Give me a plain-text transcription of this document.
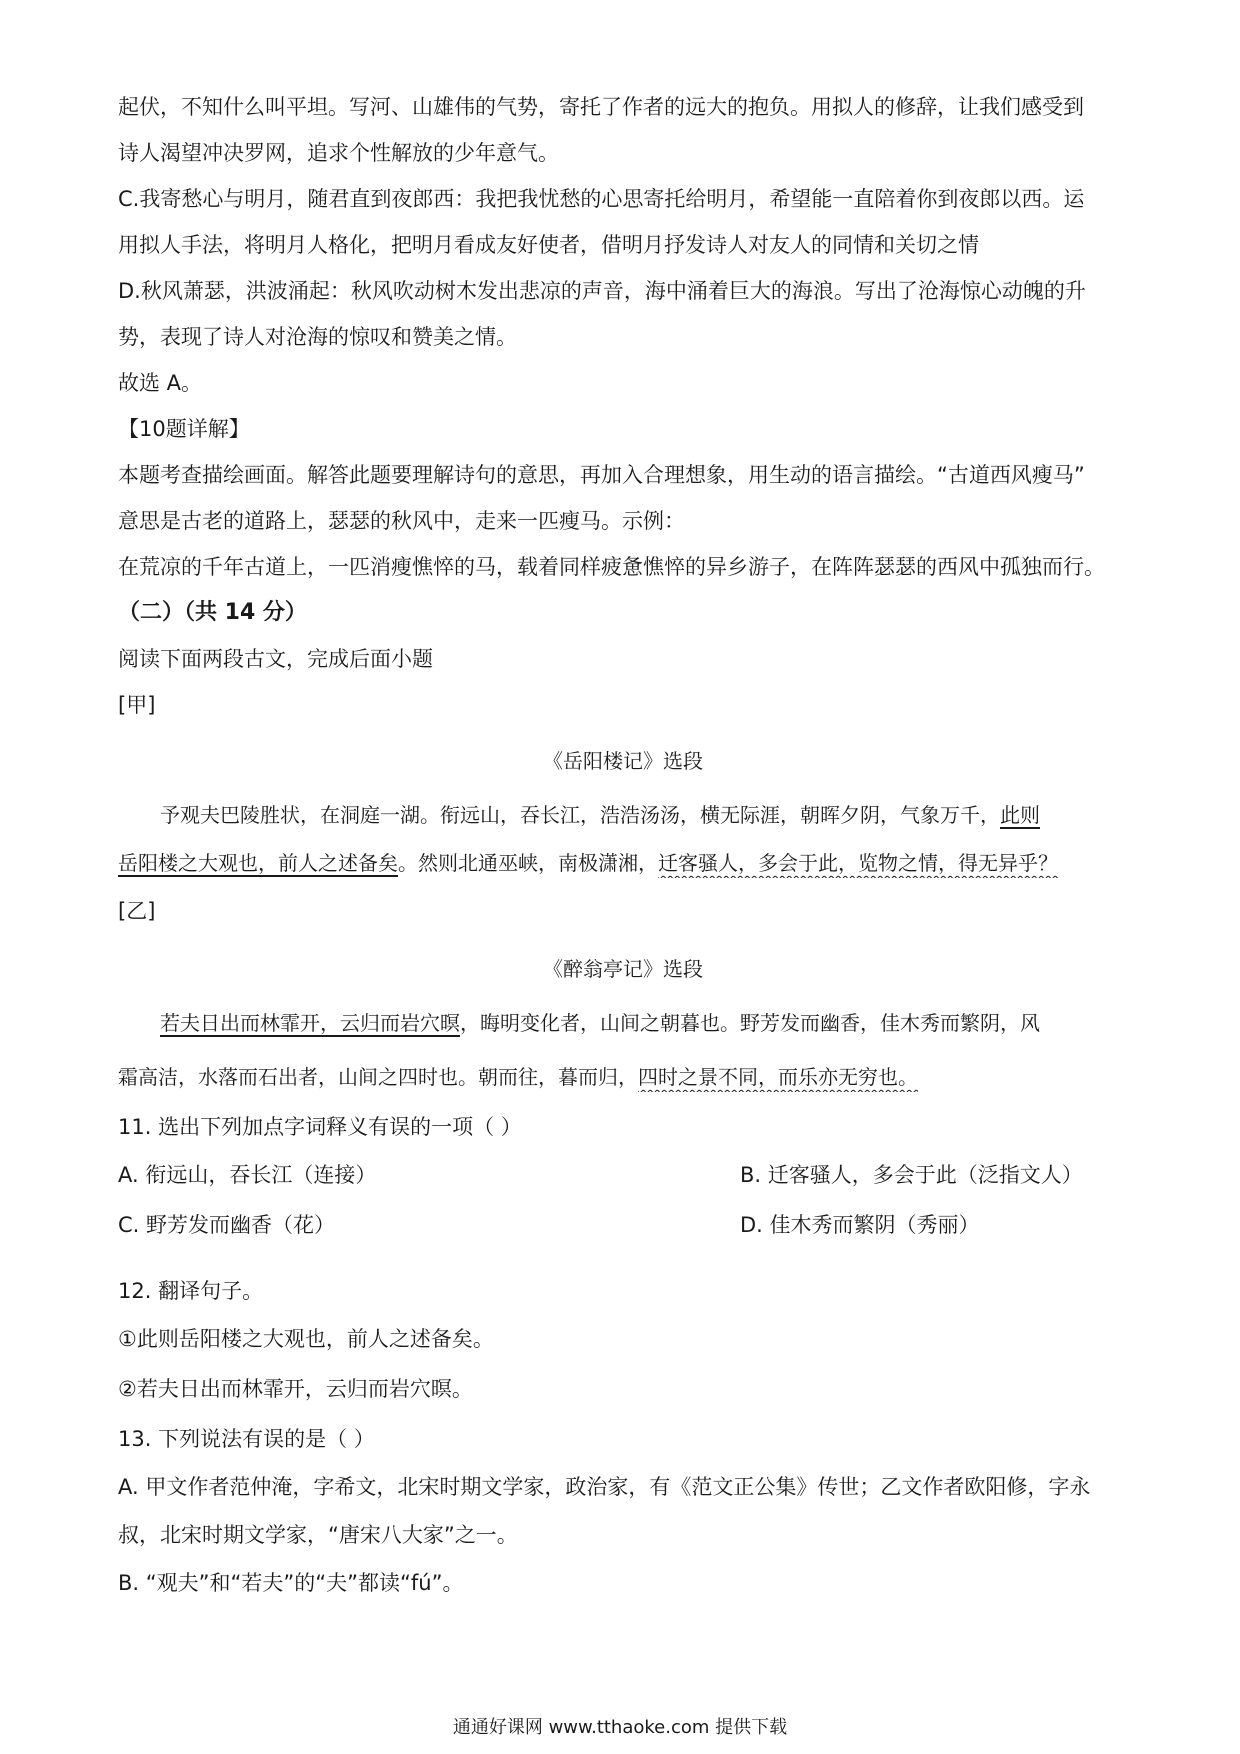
起伏，不知什么叫平坦。写河、山雄伟的气势，寄托了作者的远大的抱负。用拟人的修辞，让我们感受到
诗人渴望冲决罗网，追求个性解放的少年意气。
C.我寄愁心与明月，随君直到夜郎西：我把我忧愁的心思寄托给明月，希望能一直陪着你到夜郎以西。运
用拟人手法，将明月人格化，把明月看成友好使者，借明月抒发诗人对友人的同情和关切之情
D.秋风萧瑟，洪波涌起：秋风吹动树木发出悲凉的声音，海中涌着巨大的海浪。写出了沧海惊心动魄的升
势，表现了诗人对沧海的惊叹和赞美之情。
故选 A。
【10题详解】
本题考查描绘画面。解答此题要理解诗句的意思，再加入合理想象，用生动的语言描绘。“古道西风瘦马”
意思是古老的道路上，瑟瑟的秋风中，走来一匹瘦马。示例：
在荒凉的千年古道上，一匹消瘦憔悴的马，载着同样疲惫憔悴的异乡游子，在阵阵瑟瑟的西风中孤独而行。
（二）（共 14 分）
阅读下面两段古文，完成后面小题
[甲]
《岳阳楼记》选段
予观夫巴陵胜状，在洞庭一湖。衔远山，吞长江，浩浩汤汤，横无际涯，朝晖夕阴，气象万千，此则
岳阳楼之大观也，前人之述备矣。然则北通巫峡，南极潇湘，迁客骚人，多会于此，览物之情，得无异乎？
[乙]
《醉翁亭记》选段
若夫日出而林霏开，云归而岩穴暝，晦明变化者，山间之朝暮也。野芳发而幽香，佳木秀而繁阴，风
霜高洁，水落而石出者，山间之四时也。朝而往，暮而归，四时之景不同，而乐亦无穷也。
11. 选出下列加点字词释义有误的一项（ ）
A. 衔远山，吞长江（连接）	B. 迁客骚人，多会于此（泛指文人）
C. 野芳发而幽香（花）	D. 佳木秀而繁阴（秀丽）
12. 翻译句子。
①此则岳阳楼之大观也，前人之述备矣。
②若夫日出而林霏开，云归而岩穴暝。
13. 下列说法有误的是（ ）
A. 甲文作者范仲淹，字希文，北宋时期文学家，政治家，有《范文正公集》传世；乙文作者欧阳修，字永
叔，北宋时期文学家，“唐宋八大家”之一。
B. “观夫”和“若夫”的“夫”都读“fú”。
通通好课网 www.tthaoke.com 提供下载
